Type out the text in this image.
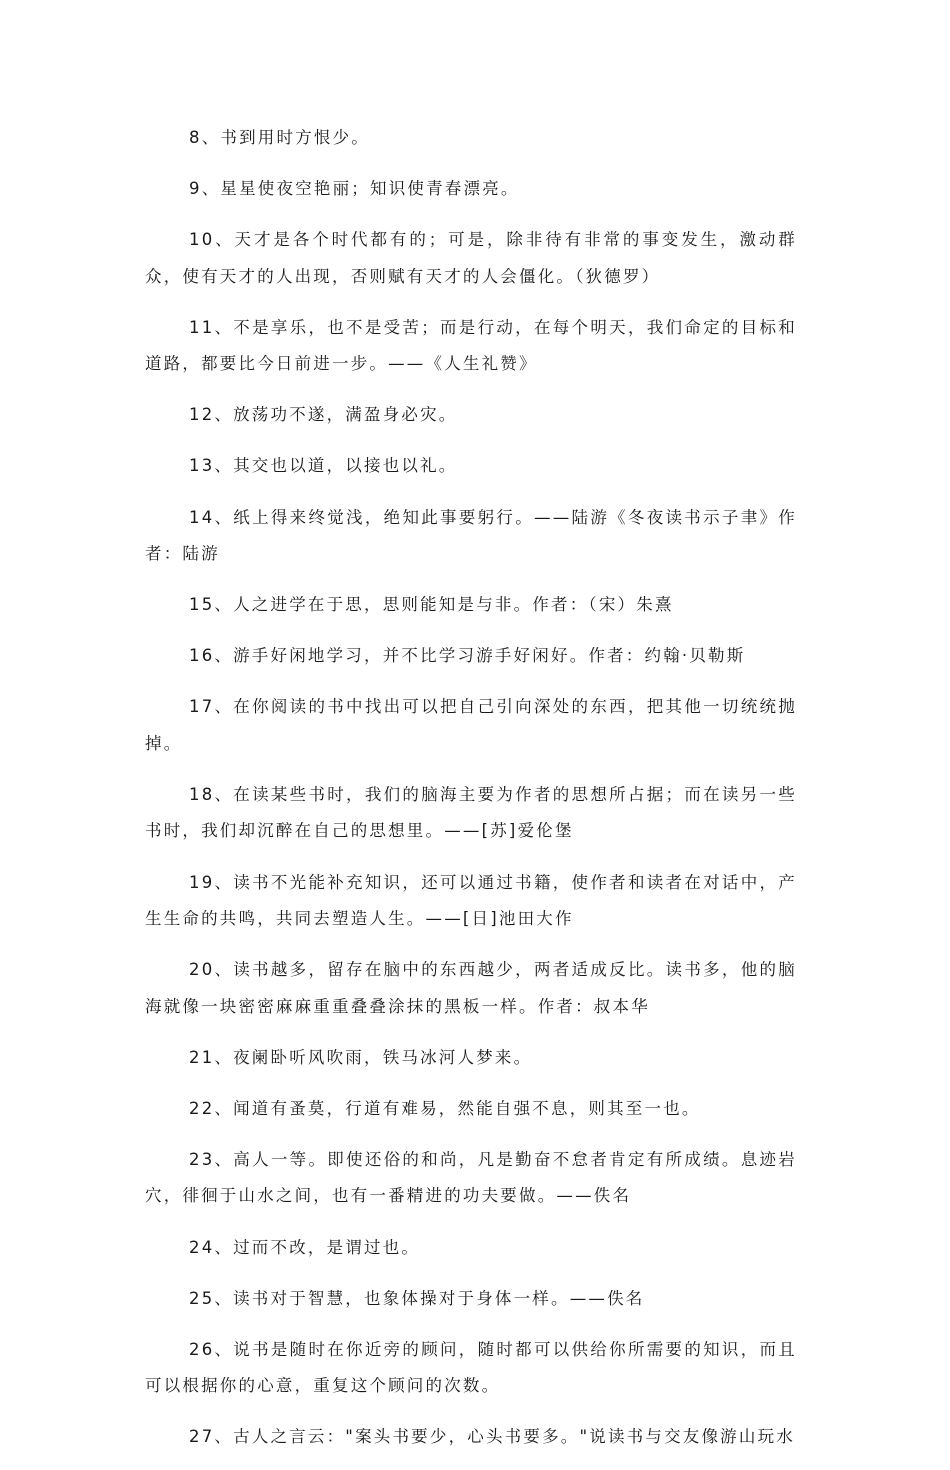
8、书到用时方恨少。

9、星星使夜空艳丽；知识使青春漂亮。

10、天才是各个时代都有的；可是，除非待有非常的事变发生，激动群众，使有天才的人出现，否则赋有天才的人会僵化。（狄德罗）

11、不是享乐，也不是受苦；而是行动，在每个明天，我们命定的目标和道路，都要比今日前进一步。——《人生礼赞》

12、放荡功不遂，满盈身必灾。

13、其交也以道，以接也以礼。

14、纸上得来终觉浅，绝知此事要躬行。——陆游《冬夜读书示子聿》作者：陆游

15、人之进学在于思，思则能知是与非。作者：（宋）朱熹

16、游手好闲地学习，并不比学习游手好闲好。作者：约翰·贝勒斯

17、在你阅读的书中找出可以把自己引向深处的东西，把其他一切统统抛掉。

18、在读某些书时，我们的脑海主要为作者的思想所占据；而在读另一些书时，我们却沉醉在自己的思想里。——[苏]爱伦堡

19、读书不光能补充知识，还可以通过书籍，使作者和读者在对话中，产生生命的共鸣，共同去塑造人生。——[日]池田大作

20、读书越多，留存在脑中的东西越少，两者适成反比。读书多，他的脑海就像一块密密麻麻重重叠叠涂抹的黑板一样。作者：叔本华

21、夜阑卧听风吹雨，铁马冰河人梦来。

22、闻道有蚤莫，行道有难易，然能自强不息，则其至一也。

23、高人一等。即使还俗的和尚，凡是勤奋不怠者肯定有所成绩。息迹岩穴，徘徊于山水之间，也有一番精进的功夫要做。——佚名

24、过而不改，是谓过也。

25、读书对于智慧，也象体操对于身体一样。——佚名

26、说书是随时在你近旁的顾问，随时都可以供给你所需要的知识，而且可以根据你的心意，重复这个顾问的次数。

27、古人之言云："案头书要少，心头书要多。"说读书与交友像游山玩水
